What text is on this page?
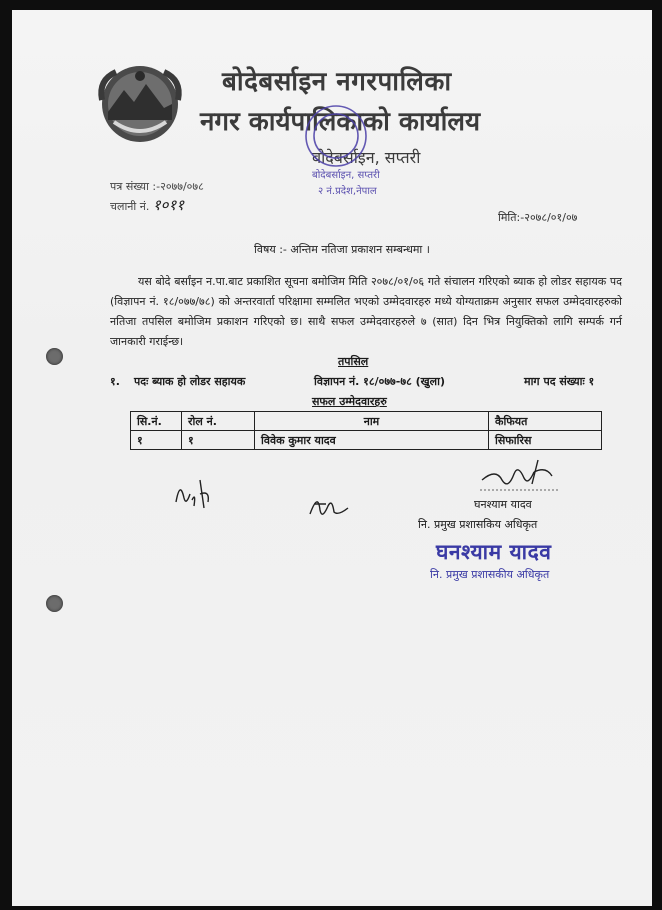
बोदेबर्साइन नगरपालिका
नगर कार्यपालिकाको कार्यालय
बोदेबर्साइन, सप्तरी
बोदेबर्साइन, सप्तरी
२ नं.प्रदेश,नेपाल
पत्र संख्या :-२०७७/०७८
चलानी नं. १०११
मिति:-२०७८/०१/०७
विषय :- अन्तिम नतिजा प्रकाशन सम्बन्धमा ।
यस बोदे बर्सांइन न.पा.बाट प्रकाशित सूचना बमोजिम मिति २०७८/०१/०६ गते संचालन गरिएको ब्याक हो लोडर सहायक पद (विज्ञापन नं. १८/०७७/७८) को अन्तरवार्ता परिक्षामा सम्मलित भएको उम्मेदवारहरु मध्ये योग्यताक्रम अनुसार सफल उम्मेदवारहरुको नतिजा तपसिल बमोजिम प्रकाशन गरिएको छ। साथै सफल उम्मेदवारहरुले ७ (सात) दिन भित्र नियुक्तिको लागि सम्पर्क गर्न जानकारी गराईन्छ।
तपसिल
१. पदः ब्याक हो लोडर सहायक	विज्ञापन नं. १८/०७७-७८ (खुला)	माग पद संख्याः १
सफल उम्मेदवारहरु
सि.नं.	रोल नं.	नाम	कैफियत
१	१	विवेक कुमार यादव	सिफारिस
घनश्याम यादव
नि. प्रमुख प्रशासकिय अधिकृत
घनश्याम यादव
नि. प्रमुख प्रशासकीय अधिकृत
